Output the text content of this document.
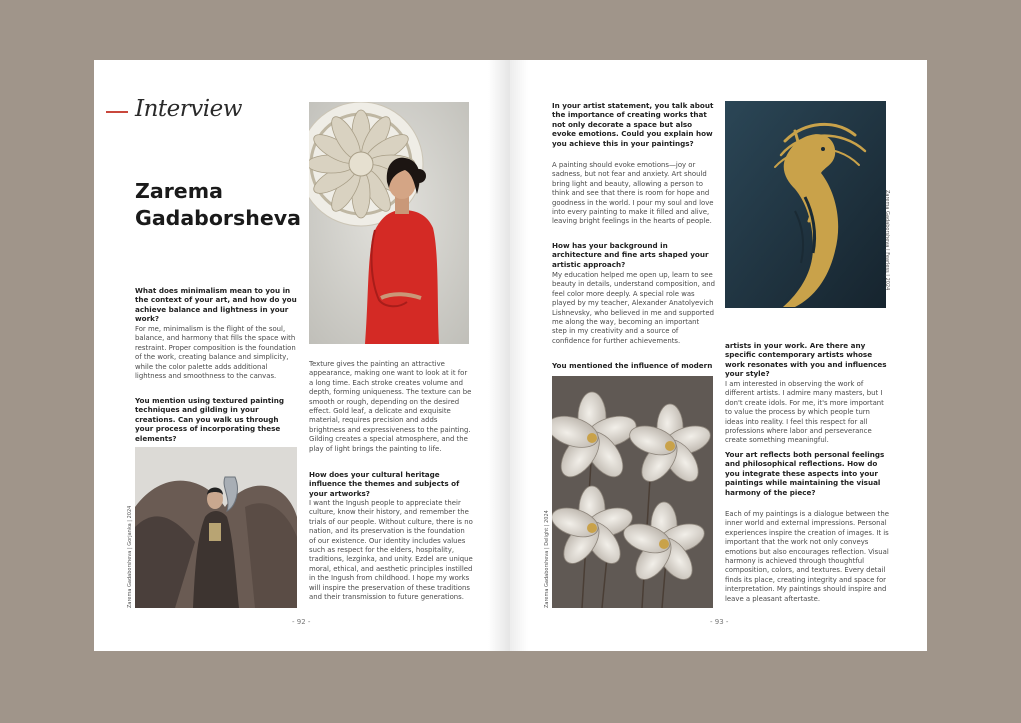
Interview
Zarema
Gadaborsheva
What does minimalism mean to you in the context of your art, and how do you achieve balance and lightness in your work?
For me, minimalism is the flight of the soul, balance, and harmony that fills the space with restraint. Proper composition is the foundation of the work, creating balance and simplicity, while the color palette adds additional lightness and smoothness to the canvas.
You mention using textured painting techniques and gilding in your creations. Can you walk us through your process of incorporating these elements?
Zarema Gadaborsheva | Gorjanka | 2024
Texture gives the painting an attractive appearance, making one want to look at it for a long time. Each stroke creates volume and depth, forming uniqueness. The texture can be smooth or rough, depending on the desired effect. Gold leaf, a delicate and exquisite material, requires precision and adds brightness and expressiveness to the painting. Gilding creates a special atmosphere, and the play of light brings the painting to life.
How does your cultural heritage influence the themes and subjects of your artworks?
I want the Ingush people to appreciate their culture, know their history, and remember the trials of our people. Without culture, there is no nation, and its preservation is the foundation of our existence. Our identity includes values such as respect for the elders, hospitality, traditions, lezginka, and unity. Ezdel are unique moral, ethical, and aesthetic principles instilled in the Ingush from childhood. I hope my works will inspire the preservation of these traditions and their transmission to future generations.
- 92 -
In your artist statement, you talk about the importance of creating works that not only decorate a space but also evoke emotions. Could you explain how you achieve this in your paintings?
A painting should evoke emotions—joy or sadness, but not fear and anxiety. Art should bring light and beauty, allowing a person to think and see that there is room for hope and goodness in the world. I pour my soul and love into every painting to make it filled and alive, leaving bright feelings in the hearts of people.
How has your background in architecture and fine arts shaped your artistic approach?
My education helped me open up, learn to see beauty in details, understand composition, and feel color more deeply. A special role was played by my teacher, Alexander Anatolyevich Lishnevsky, who believed in me and supported me along the way, becoming an important step in my creativity and a source of confidence for further achievements.
You mentioned the influence of modern
Zarema Gadaborsheva | Fearless | 2024
artists in your work. Are there any specific contemporary artists whose work resonates with you and influences your style?
I am interested in observing the work of different artists. I admire many masters, but I don't create idols. For me, it's more important to value the process by which people turn ideas into reality. I feel this respect for all professions where labor and perseverance create something meaningful.
Your art reflects both personal feelings and philosophical reflections. How do you integrate these aspects into your paintings while maintaining the visual harmony of the piece?
Each of my paintings is a dialogue between the inner world and external impressions. Personal experiences inspire the creation of images. It is important that the work not only conveys emotions but also encourages reflection. Visual harmony is achieved through thoughtful composition, colors, and textures. Every detail finds its place, creating integrity and space for interpretation. My paintings should inspire and leave a pleasant aftertaste.
Zarema Gadaborsheva | Delight | 2024
- 93 -
